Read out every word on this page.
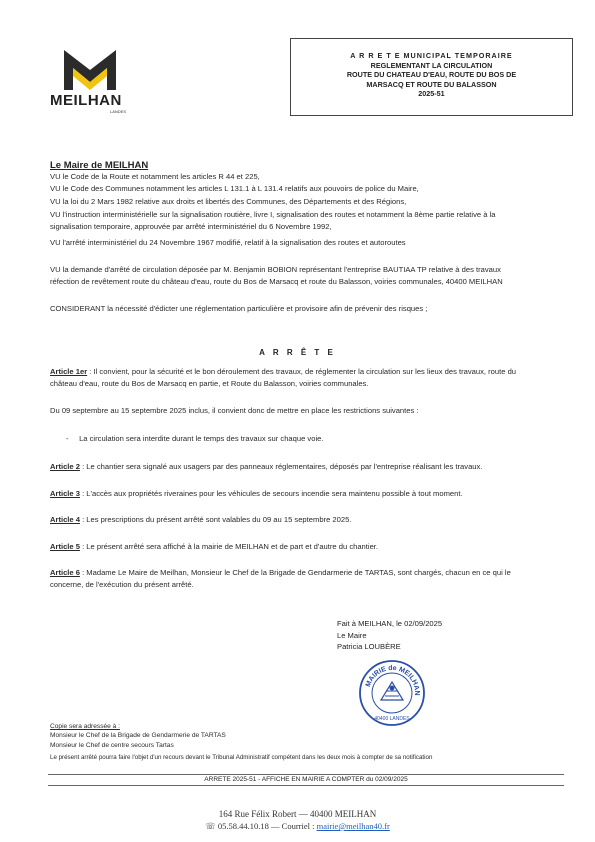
MEILHAN
LANDES
A R R E T E MUNICIPAL TEMPORAIRE
REGLEMENTANT LA CIRCULATION
ROUTE DU CHATEAU D'EAU, ROUTE DU BOS DE
MARSACQ ET ROUTE DU BALASSON
2025-51
Le Maire de MEILHAN
VU le Code de la Route et notamment les articles R 44 et 225,
VU le Code des Communes notamment les articles L 131.1 à L 131.4 relatifs aux pouvoirs de police du Maire,
VU la loi du 2 Mars 1982 relative aux droits et libertés des Communes, des Départements et des Régions,
VU l'instruction interministérielle sur la signalisation routière, livre I, signalisation des routes et notamment la 8ème partie relative à la
signalisation temporaire, approuvée par arrêté interministériel du 6 Novembre 1992,
VU l'arrêté interministériel du 24 Novembre 1967 modifié, relatif à la signalisation des routes et autoroutes
VU la demande d'arrêté de circulation déposée par M. Benjamin BOBION représentant l'entreprise BAUTIAA TP relative à des travaux
réfection de revêtement route du château d'eau, route du Bos de Marsacq et route du Balasson, voiries communales, 40400 MEILHAN
CONSIDERANT la nécessité d'édicter une réglementation particulière et provisoire afin de prévenir des risques ;
A R R Ê T E
Article 1er : Il convient, pour la sécurité et le bon déroulement des travaux, de réglementer la circulation sur les lieux des travaux, route du
château d'eau, route du Bos de Marsacq en partie, et Route du Balasson, voiries communales.
Du 09 septembre au 15 septembre 2025 inclus, il convient donc de mettre en place les restrictions suivantes :
-     La circulation sera interdite durant le temps des travaux sur chaque voie.
Article 2 : Le chantier sera signalé aux usagers par des panneaux réglementaires, déposés par l'entreprise réalisant les travaux.
Article 3 : L'accès aux propriétés riveraines pour les véhicules de secours incendie sera maintenu possible à tout moment.
Article 4 : Les prescriptions du présent arrêté sont valables du 09 au 15 septembre 2025.
Article 5 : Le présent arrêté sera affiché à la mairie de MEILHAN et de part et d'autre du chantier.
Article 6 : Madame Le Maire de Meilhan, Monsieur le Chef de la Brigade de Gendarmerie de TARTAS, sont chargés, chacun en ce qui le
concerne, de l'exécution du présent arrêté.
Fait à MEILHAN, le 02/09/2025
Le Maire
Patricia LOUBÈRE
MAIRIE de MEILHAN
40400 LANDES
Copie sera adressée à :
Monsieur le Chef de la Brigade de Gendarmerie de TARTAS
Monsieur le Chef de centre secours Tartas
Le présent arrêté pourra faire l'objet d'un recours devant le Tribunal Administratif compétent dans les deux mois à compter de sa notification
ARRETE 2025-51 - AFFICHE EN MAIRIE A COMPTER du 02/09/2025
164 Rue Félix Robert — 40400 MEILHAN
☏ 05.58.44.10.18 — Courriel : mairie@meilhan40.fr
